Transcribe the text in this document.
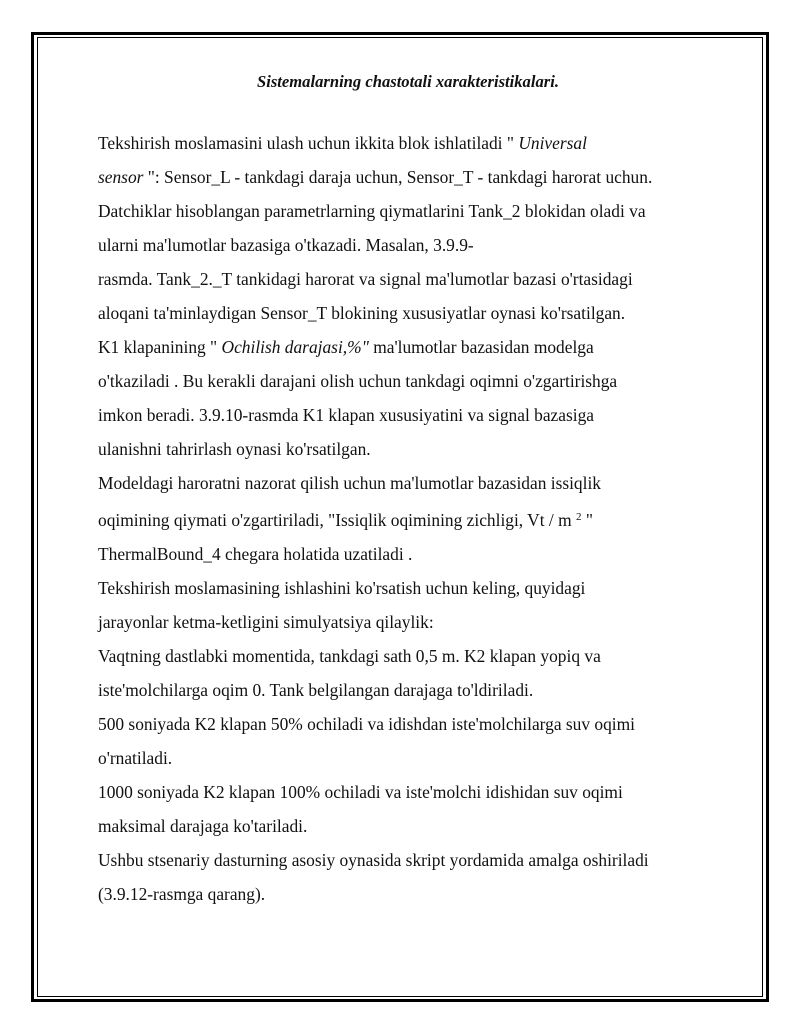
Sistemalarning chastotali xarakteristikalari.

Tekshirish moslamasini ulash uchun ikkita blok ishlatiladi " Universal
sensor ": Sensor_L - tankdagi daraja uchun, Sensor_T - tankdagi harorat uchun.
Datchiklar hisoblangan parametrlarning qiymatlarini Tank_2 blokidan oladi va
ularni ma'lumotlar bazasiga o'tkazadi. Masalan, 3.9.9-
rasmda. Tank_2._T tankidagi harorat va signal ma'lumotlar bazasi o'rtasidagi
aloqani ta'minlaydigan Sensor_T blokining xususiyatlar oynasi ko'rsatilgan.
K1 klapanining " Ochilish darajasi,%" ma'lumotlar bazasidan modelga
o'tkaziladi . Bu kerakli darajani olish uchun tankdagi oqimni o'zgartirishga
imkon beradi. 3.9.10-rasmda K1 klapan xususiyatini va signal bazasiga
ulanishni tahrirlash oynasi ko'rsatilgan.
Modeldagi haroratni nazorat qilish uchun ma'lumotlar bazasidan issiqlik
oqimining qiymati o'zgartiriladi, "Issiqlik oqimining zichligi, Vt / m $^2$ "
ThermalBound_4 chegara holatida uzatiladi .
Tekshirish moslamasining ishlashini ko'rsatish uchun keling, quyidagi
jarayonlar ketma-ketligini simulyatsiya qilaylik:
Vaqtning dastlabki momentida, tankdagi sath 0,5 m. K2 klapan yopiq va
iste'molchilarga oqim 0. Tank belgilangan darajaga to'ldiriladi.
500 soniyada K2 klapan 50% ochiladi va idishdan iste'molchilarga suv oqimi
o'rnatiladi.
1000 soniyada K2 klapan 100% ochiladi va iste'molchi idishidan suv oqimi
maksimal darajaga ko'tariladi.
Ushbu stsenariy dasturning asosiy oynasida skript yordamida amalga oshiriladi
(3.9.12-rasmga qarang).
